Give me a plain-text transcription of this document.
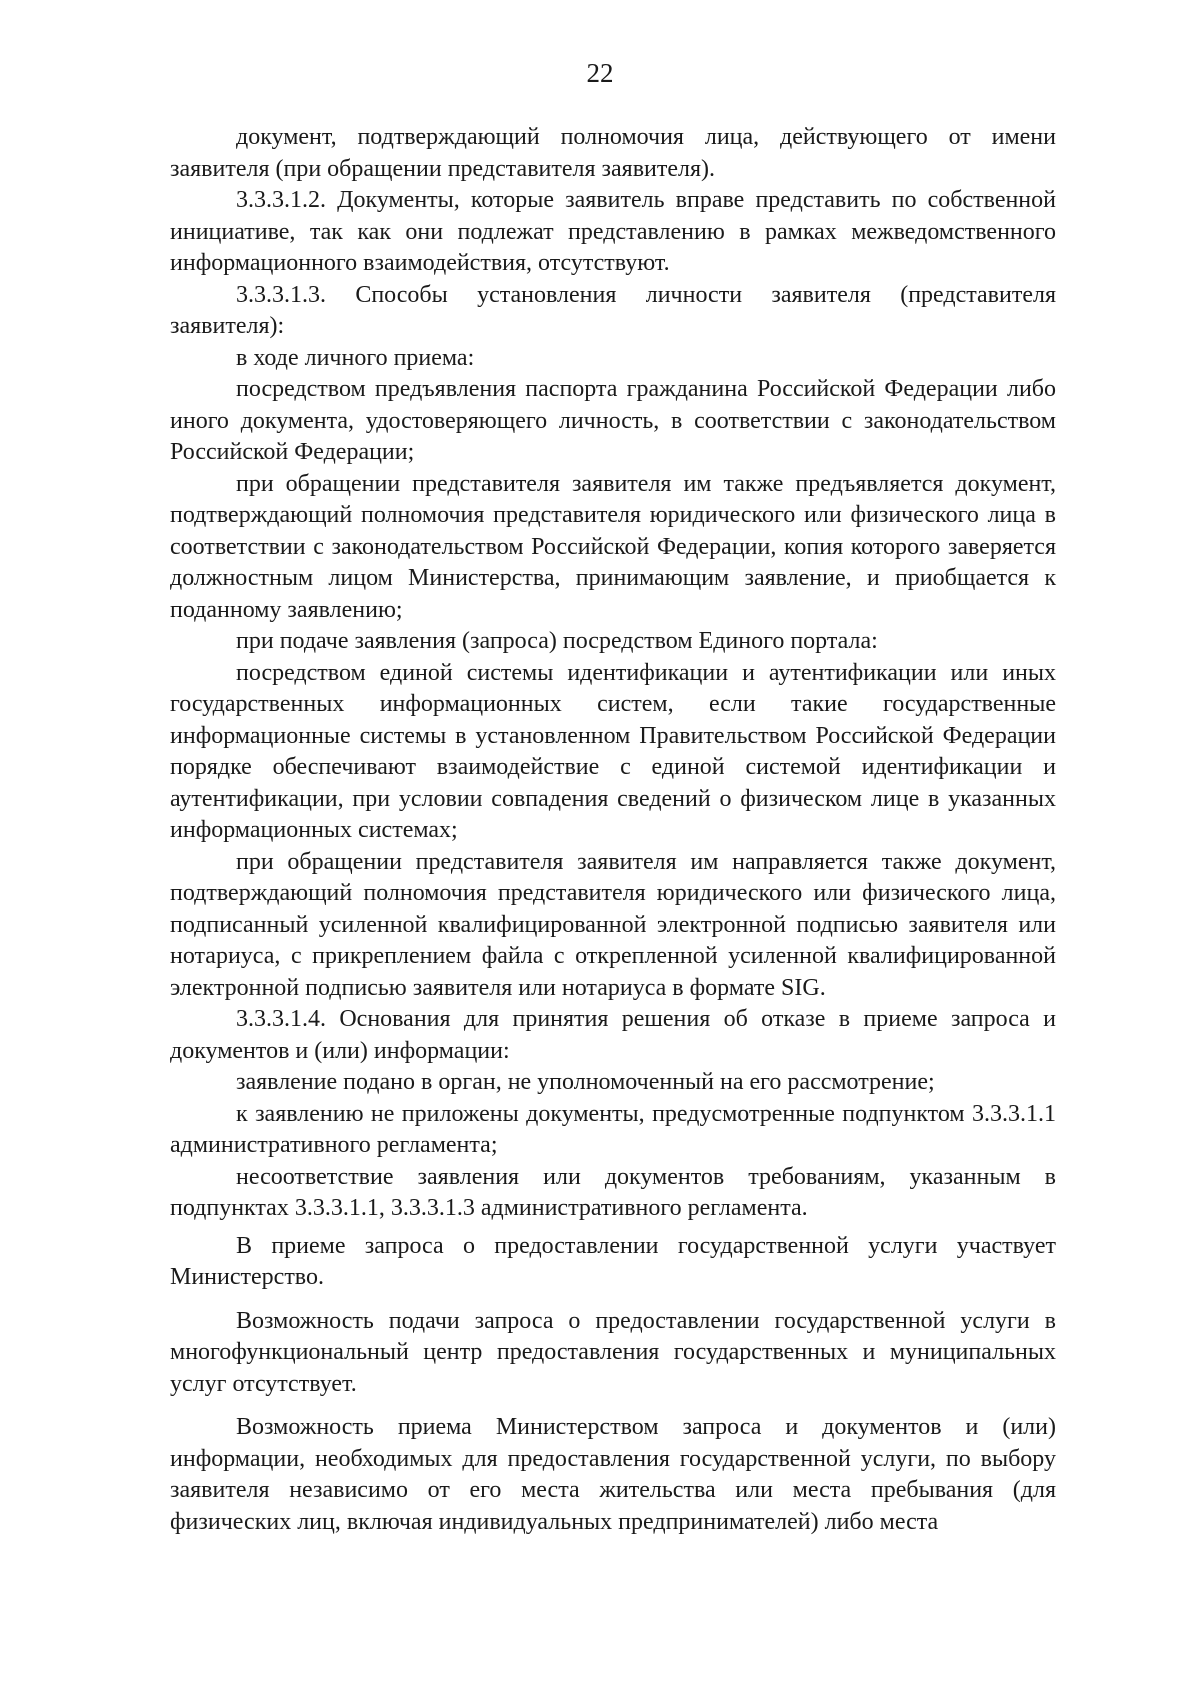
22

документ, подтверждающий полномочия лица, действующего от имени заявителя (при обращении представителя заявителя).

3.3.3.1.2. Документы, которые заявитель вправе представить по собственной инициативе, так как они подлежат представлению в рамках межведомственного информационного взаимодействия, отсутствуют.

3.3.3.1.3. Способы установления личности заявителя (представителя заявителя):

в ходе личного приема:

посредством предъявления паспорта гражданина Российской Федерации либо иного документа, удостоверяющего личность, в соответствии с законодательством Российской Федерации;

при обращении представителя заявителя им также предъявляется документ, подтверждающий полномочия представителя юридического или физического лица в соответствии с законодательством Российской Федерации, копия которого заверяется должностным лицом Министерства, принимающим заявление, и приобщается к поданному заявлению;

при подаче заявления (запроса) посредством Единого портала:

посредством единой системы идентификации и аутентификации или иных государственных информационных систем, если такие государственные информационные системы в установленном Правительством Российской Федерации порядке обеспечивают взаимодействие с единой системой идентификации и аутентификации, при условии совпадения сведений о физическом лице в указанных информационных системах;

при обращении представителя заявителя им направляется также документ, подтверждающий полномочия представителя юридического или физического лица, подписанный усиленной квалифицированной электронной подписью заявителя или нотариуса, с прикреплением файла с открепленной усиленной квалифицированной электронной подписью заявителя или нотариуса в формате SIG.

3.3.3.1.4. Основания для принятия решения об отказе в приеме запроса и документов и (или) информации:

заявление подано в орган, не уполномоченный на его рассмотрение;

к заявлению не приложены документы, предусмотренные подпунктом 3.3.3.1.1 административного регламента;

несоответствие заявления или документов требованиям, указанным в подпунктах 3.3.3.1.1, 3.3.3.1.3 административного регламента.

В приеме запроса о предоставлении государственной услуги участвует Министерство.

Возможность подачи запроса о предоставлении государственной услуги в многофункциональный центр предоставления государственных и муниципальных услуг отсутствует.

Возможность приема Министерством запроса и документов и (или) информации, необходимых для предоставления государственной услуги, по выбору заявителя независимо от его места жительства или места пребывания (для физических лиц, включая индивидуальных предпринимателей) либо места
